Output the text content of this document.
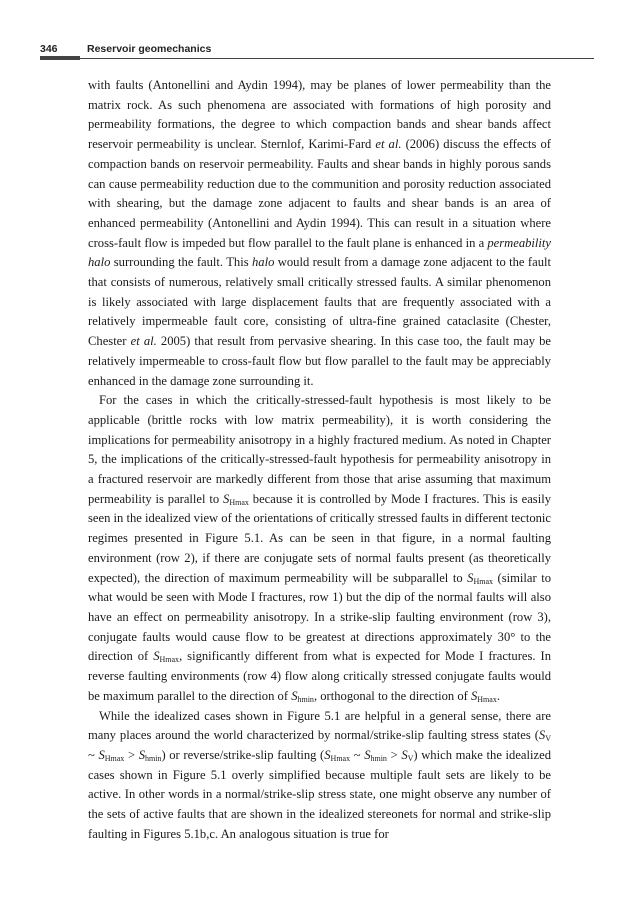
346	Reservoir geomechanics

with faults (Antonellini and Aydin 1994), may be planes of lower permeability than the matrix rock. As such phenomena are associated with formations of high porosity and permeability formations, the degree to which compaction bands and shear bands affect reservoir permeability is unclear. Sternlof, Karimi-Fard et al. (2006) discuss the effects of compaction bands on reservoir permeability. Faults and shear bands in highly porous sands can cause permeability reduction due to the communition and porosity reduction associated with shearing, but the damage zone adjacent to faults and shear bands is an area of enhanced permeability (Antonellini and Aydin 1994). This can result in a situation where cross-fault flow is impeded but flow parallel to the fault plane is enhanced in a permeability halo surrounding the fault. This halo would result from a damage zone adjacent to the fault that consists of numerous, relatively small critically stressed faults. A similar phenomenon is likely associated with large displacement faults that are frequently associated with a relatively impermeable fault core, consisting of ultra-fine grained cataclasite (Chester, Chester et al. 2005) that result from pervasive shearing. In this case too, the fault may be relatively impermeable to cross-fault flow but flow parallel to the fault may be appreciably enhanced in the damage zone surrounding it.

For the cases in which the critically-stressed-fault hypothesis is most likely to be applicable (brittle rocks with low matrix permeability), it is worth considering the implications for permeability anisotropy in a highly fractured medium. As noted in Chapter 5, the implications of the critically-stressed-fault hypothesis for permeability anisotropy in a fractured reservoir are markedly different from those that arise assuming that maximum permeability is parallel to $S_{Hmax}$ because it is controlled by Mode I fractures. This is easily seen in the idealized view of the orientations of critically stressed faults in different tectonic regimes presented in Figure 5.1. As can be seen in that figure, in a normal faulting environment (row 2), if there are conjugate sets of normal faults present (as theoretically expected), the direction of maximum permeability will be subparallel to $S_{Hmax}$ (similar to what would be seen with Mode I fractures, row 1) but the dip of the normal faults will also have an effect on permeability anisotropy. In a strike-slip faulting environment (row 3), conjugate faults would cause flow to be greatest at directions approximately 30° to the direction of $S_{Hmax}$, significantly different from what is expected for Mode I fractures. In reverse faulting environments (row 4) flow along critically stressed conjugate faults would be maximum parallel to the direction of $S_{hmin}$, orthogonal to the direction of $S_{Hmax}$.

While the idealized cases shown in Figure 5.1 are helpful in a general sense, there are many places around the world characterized by normal/strike-slip faulting stress states ($S_V$ ~ $S_{Hmax} > S_{hmin}$) or reverse/strike-slip faulting ($S_{Hmax}$ ~ $S_{hmin} > S_V$) which make the idealized cases shown in Figure 5.1 overly simplified because multiple fault sets are likely to be active. In other words in a normal/strike-slip stress state, one might observe any number of the sets of active faults that are shown in the idealized stereonets for normal and strike-slip faulting in Figures 5.1b,c. An analogous situation is true for
